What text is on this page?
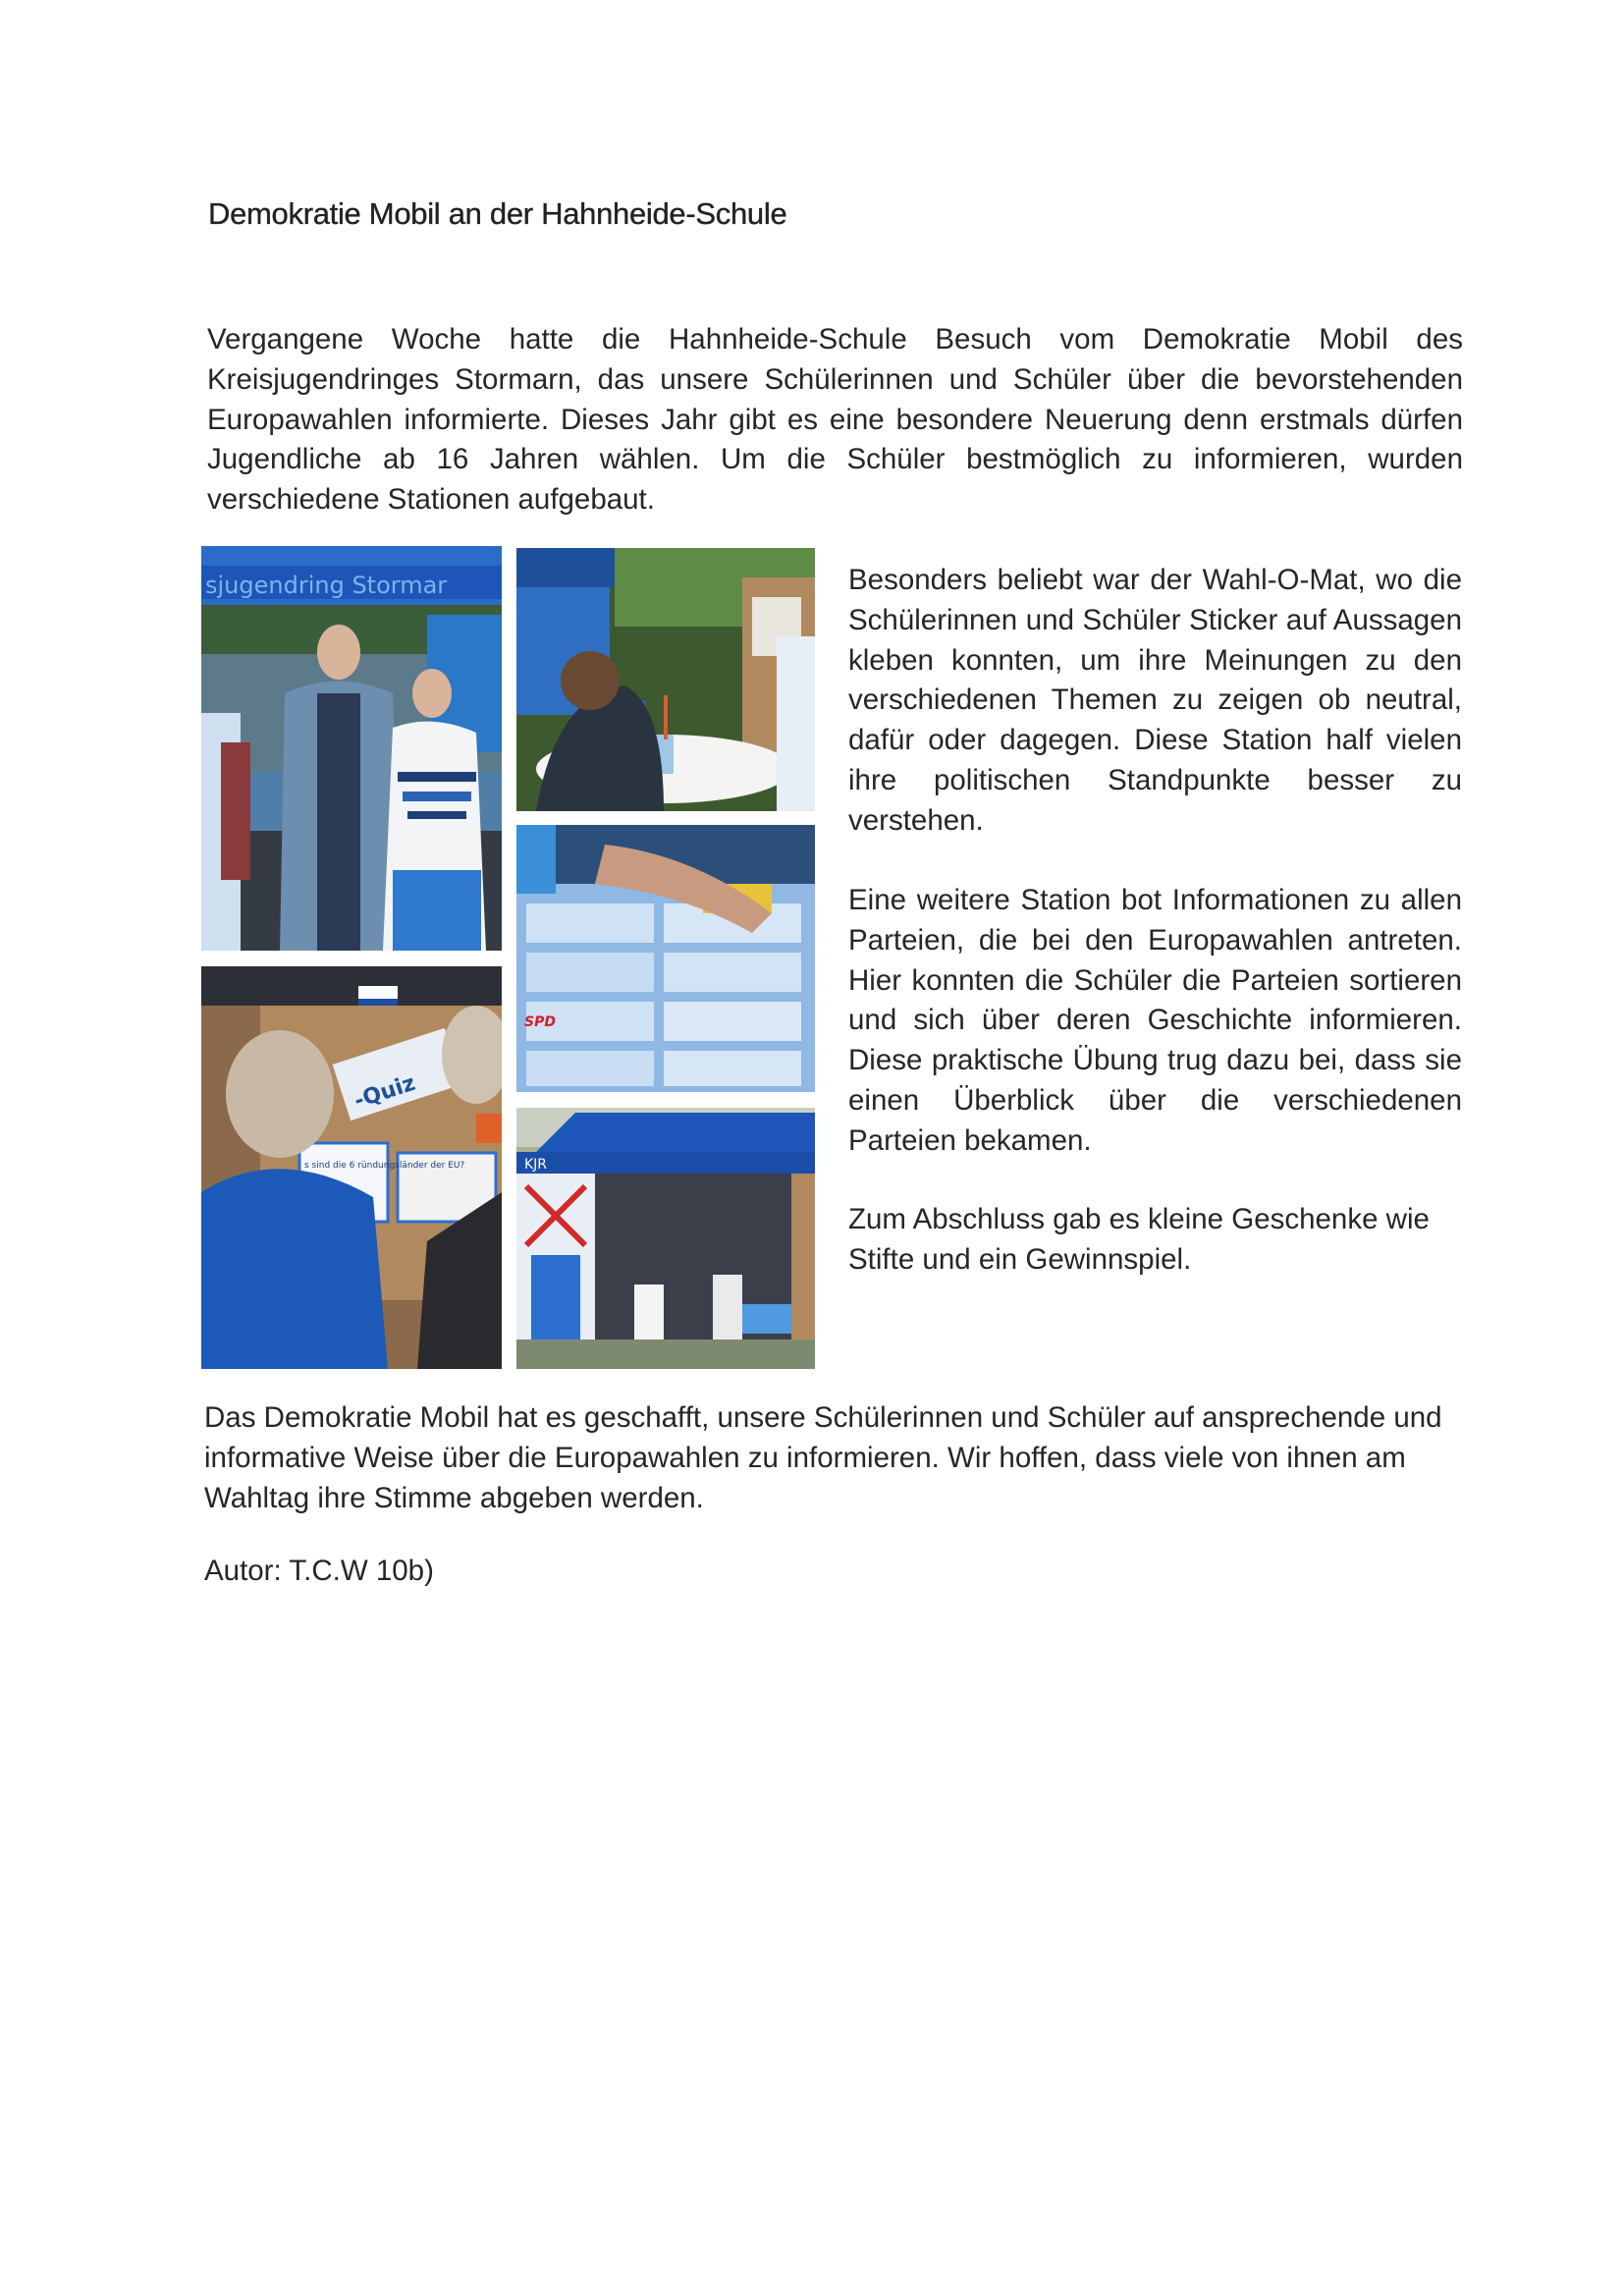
Demokratie Mobil an der Hahnheide-Schule

Vergangene Woche hatte die Hahnheide-Schule Besuch vom Demokratie Mobil des Kreisjugendringes Stormarn, das unsere Schülerinnen und Schüler über die bevorstehenden Europawahlen informierte. Dieses Jahr gibt es eine besondere Neuerung denn erstmals dürfen Jugendliche ab 16 Jahren wählen. Um die Schüler bestmöglich zu informieren, wurden verschiedene Stationen aufgebaut.

sjugendring Stormar
SPD
-Quiz
s sind die 6 ründungsländer der EU?	KJR

Besonders beliebt war der Wahl-O-Mat, wo die Schülerinnen und Schüler Sticker auf Aussagen kleben konnten, um ihre Meinungen zu den verschiedenen Themen zu zeigen ob neutral, dafür oder dagegen. Diese Station half vielen ihre politischen Standpunkte besser zu verstehen.

Eine weitere Station bot Informationen zu allen Parteien, die bei den Europawahlen antreten. Hier konnten die Schüler die Parteien sortieren und sich über deren Geschichte informieren. Diese praktische Übung trug dazu bei, dass sie einen Überblick über die verschiedenen Parteien bekamen.

Zum Abschluss gab es kleine Geschenke wie Stifte und ein Gewinnspiel.

Das Demokratie Mobil hat es geschafft, unsere Schülerinnen und Schüler auf ansprechende und informative Weise über die Europawahlen zu informieren. Wir hoffen, dass viele von ihnen am Wahltag ihre Stimme abgeben werden.

Autor: T.C.W 10b)
